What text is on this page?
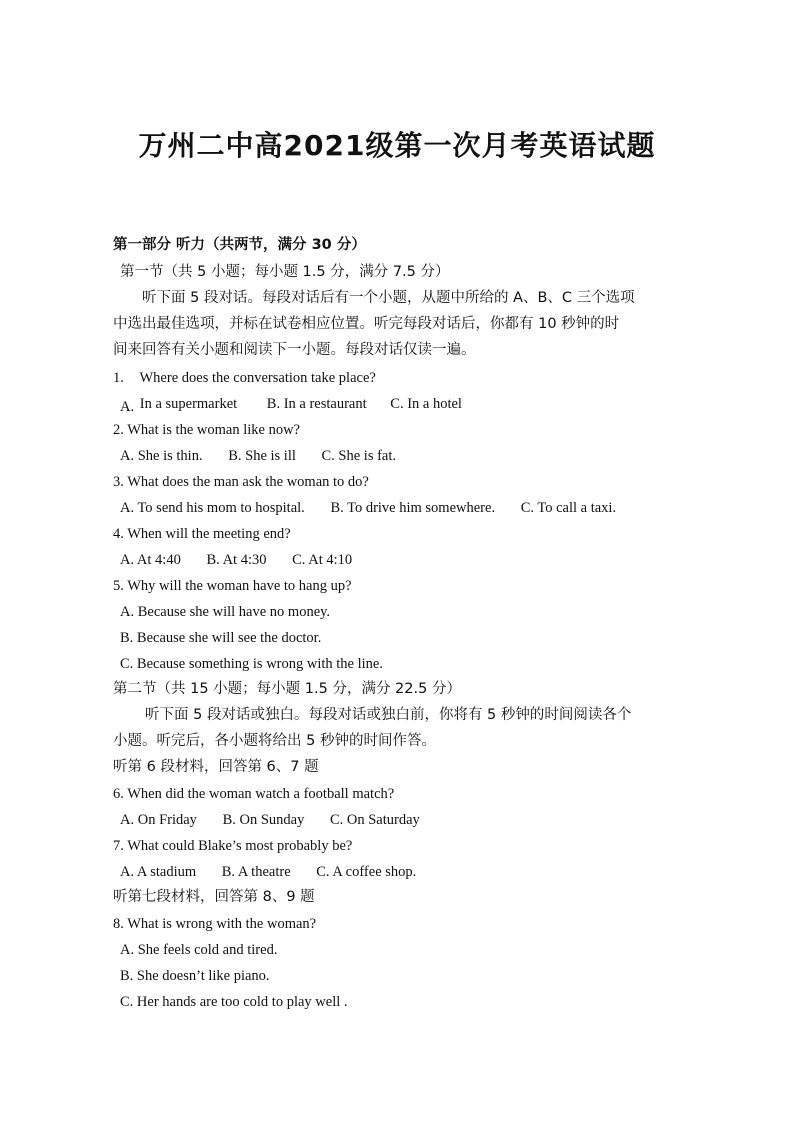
万州二中高2021级第一次月考英语试题
第一部分 听力（共两节，满分 30 分）
第一节（共 5 小题；每小题 1.5 分，满分 7.5 分）
听下面 5 段对话。每段对话后有一个小题，从题中所给的 A、B、C 三个选项
中选出最佳选项，并标在试卷相应位置。听完每段对话后，你都有 10 秒钟的时
间来回答有关小题和阅读下一小题。每段对话仅读一遍。
1. Where does the conversation take place?
A. In a supermarket B. In a restaurant C. In a hotel
2. What is the woman like now?
A. She is thin. B. She is ill C. She is fat.
3. What does the man ask the woman to do?
A. To send his mom to hospital. B. To drive him somewhere. C. To call a taxi.
4. When will the meeting end?
A. At 4:40 B. At 4:30 C. At 4:10
5. Why will the woman have to hang up?
A. Because she will have no money.
B. Because she will see the doctor.
C. Because something is wrong with the line.
第二节（共 15 小题；每小题 1.5 分，满分 22.5 分）
听下面 5 段对话或独白。每段对话或独白前，你将有 5 秒钟的时间阅读各个
小题。听完后，各小题将给出 5 秒钟的时间作答。
听第 6 段材料，回答第 6、7 题
6. When did the woman watch a football match?
A. On Friday B. On Sunday C. On Saturday
7. What could Blake’s most probably be?
A. A stadium B. A theatre C. A coffee shop.
听第七段材料，回答第 8、9 题
8. What is wrong with the woman?
A. She feels cold and tired.
B. She doesn’t like piano.
C. Her hands are too cold to play well .
